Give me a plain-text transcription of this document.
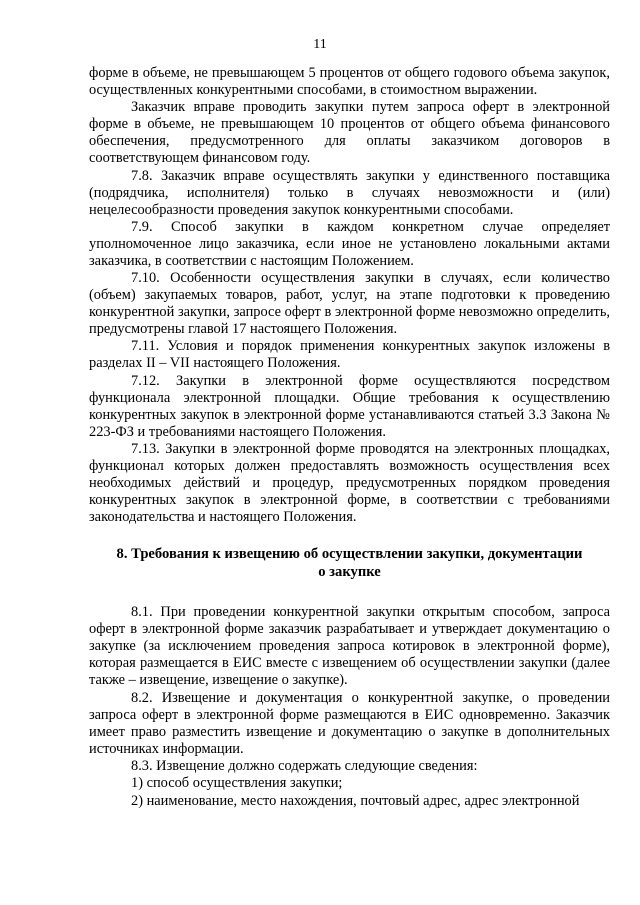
11

форме в объеме, не превышающем 5 процентов от общего годового объема закупок, осуществленных конкурентными способами, в стоимостном выражении.

Заказчик вправе проводить закупки путем запроса оферт в электронной форме в объеме, не превышающем 10 процентов от общего объема финансового обеспечения, предусмотренного для оплаты заказчиком договоров в соответствующем финансовом году.

7.8. Заказчик вправе осуществлять закупки у единственного поставщика (подрядчика, исполнителя) только в случаях невозможности и (или) нецелесообразности проведения закупок конкурентными способами.

7.9. Способ закупки в каждом конкретном случае определяет уполномоченное лицо заказчика, если иное не установлено локальными актами заказчика, в соответствии с настоящим Положением.

7.10. Особенности осуществления закупки в случаях, если количество (объем) закупаемых товаров, работ, услуг, на этапе подготовки к проведению конкурентной закупки, запросе оферт в электронной форме невозможно определить, предусмотрены главой 17 настоящего Положения.

7.11. Условия и порядок применения конкурентных закупок изложены в разделах II – VII настоящего Положения.

7.12. Закупки в электронной форме осуществляются посредством функционала электронной площадки. Общие требования к осуществлению конкурентных закупок в электронной форме устанавливаются статьей 3.3 Закона № 223-ФЗ и требованиями настоящего Положения.

7.13. Закупки в электронной форме проводятся на электронных площадках, функционал которых должен предоставлять возможность осуществления всех необходимых действий и процедур, предусмотренных порядком проведения конкурентных закупок в электронной форме, в соответствии с требованиями законодательства и настоящего Положения.

8. Требования к извещению об осуществлении закупки, документации

о закупке

8.1. При проведении конкурентной закупки открытым способом, запроса оферт в электронной форме заказчик разрабатывает и утверждает документацию о закупке (за исключением проведения запроса котировок в электронной форме), которая размещается в ЕИС вместе с извещением об осуществлении закупки (далее также – извещение, извещение о закупке).

8.2. Извещение и документация о конкурентной закупке, о проведении запроса оферт в электронной форме размещаются в ЕИС одновременно. Заказчик имеет право разместить извещение и документацию о закупке в дополнительных источниках информации.

8.3. Извещение должно содержать следующие сведения:

1) способ осуществления закупки;

2) наименование, место нахождения, почтовый адрес, адрес электронной
